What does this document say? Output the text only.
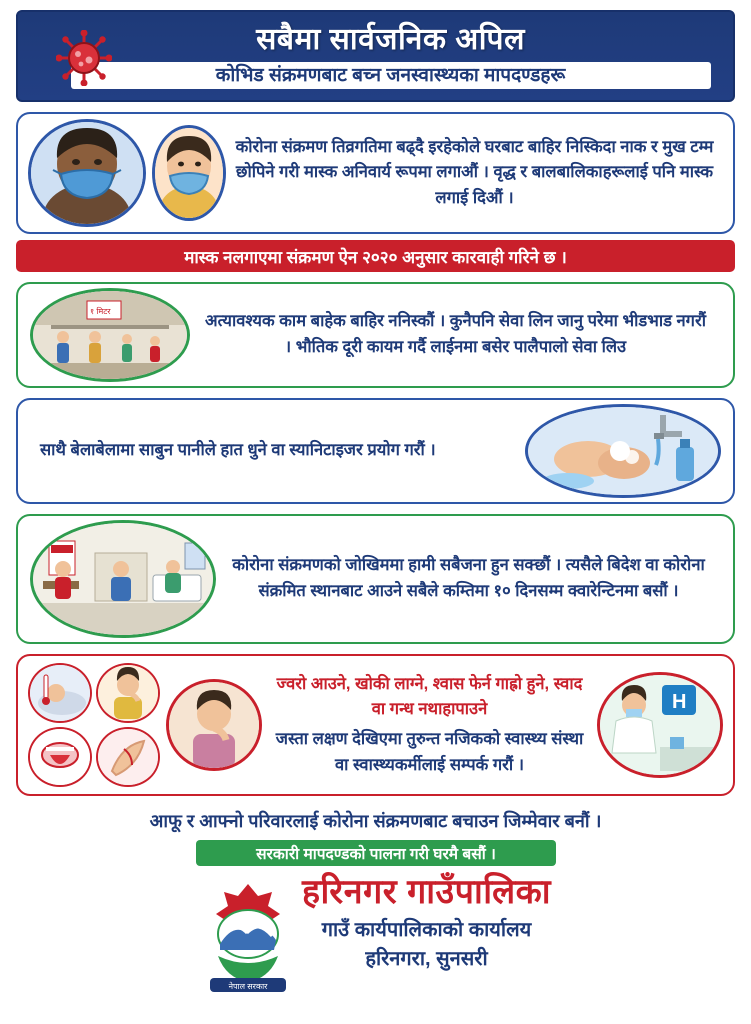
सबैमा सार्वजनिक अपिल
कोभिड संक्रमणबाट बच्न जनस्वास्थ्यका मापदण्डहरू
कोरोना संक्रमण तिव्रगतिमा बढ्दै इरहेकोले घरबाट बाहिर निस्किदा नाक र मुख टम्म छोपिने गरी मास्क अनिवार्य रूपमा लगाऔं । वृद्ध र बालबालिकाहरूलाई पनि मास्क लगाई दिऔं ।
मास्क नलगाएमा संक्रमण ऐन २०२० अनुसार कारवाही गरिने छ ।
१ मिटर
अत्यावश्यक काम बाहेक बाहिर ननिस्कौं । कुनैपनि सेवा लिन जानु परेमा भीडभाड नगरौं । भौतिक दूरी कायम गर्दै लाईनमा बसेर पालैपालो सेवा लिउ
साथै बेलाबेलामा साबुन पानीले हात धुने वा स्यानिटाइजर प्रयोग गरौं ।
कोरोना संक्रमणको जोखिममा हामी सबैजना हुन सक्छौं । त्यसैले बिदेश वा कोरोना संक्रमित स्थानबाट आउने सबैले कम्तिमा १० दिनसम्म क्वारेन्टिनमा बसौं ।
ज्वरो आउने, खोकी लाग्ने, श्वास फेर्न गाह्रो हुने, स्वाद वा गन्ध नथाहापाउने
जस्ता लक्षण देखिएमा तुरुन्त नजिकको स्वास्थ्य संस्था वा स्वास्थ्यकर्मीलाई सम्पर्क गरौं ।
H
आफू र आफ्नो परिवारलाई कोरोना संक्रमणबाट बचाउन जिम्मेवार बनौं ।
सरकारी मापदण्डको पालना गरी घरमै बसौं ।
नेपाल सरकार
हरिनगर गाउँपालिका
गाउँ कार्यपालिकाको कार्यालय
हरिनगरा, सुनसरी
